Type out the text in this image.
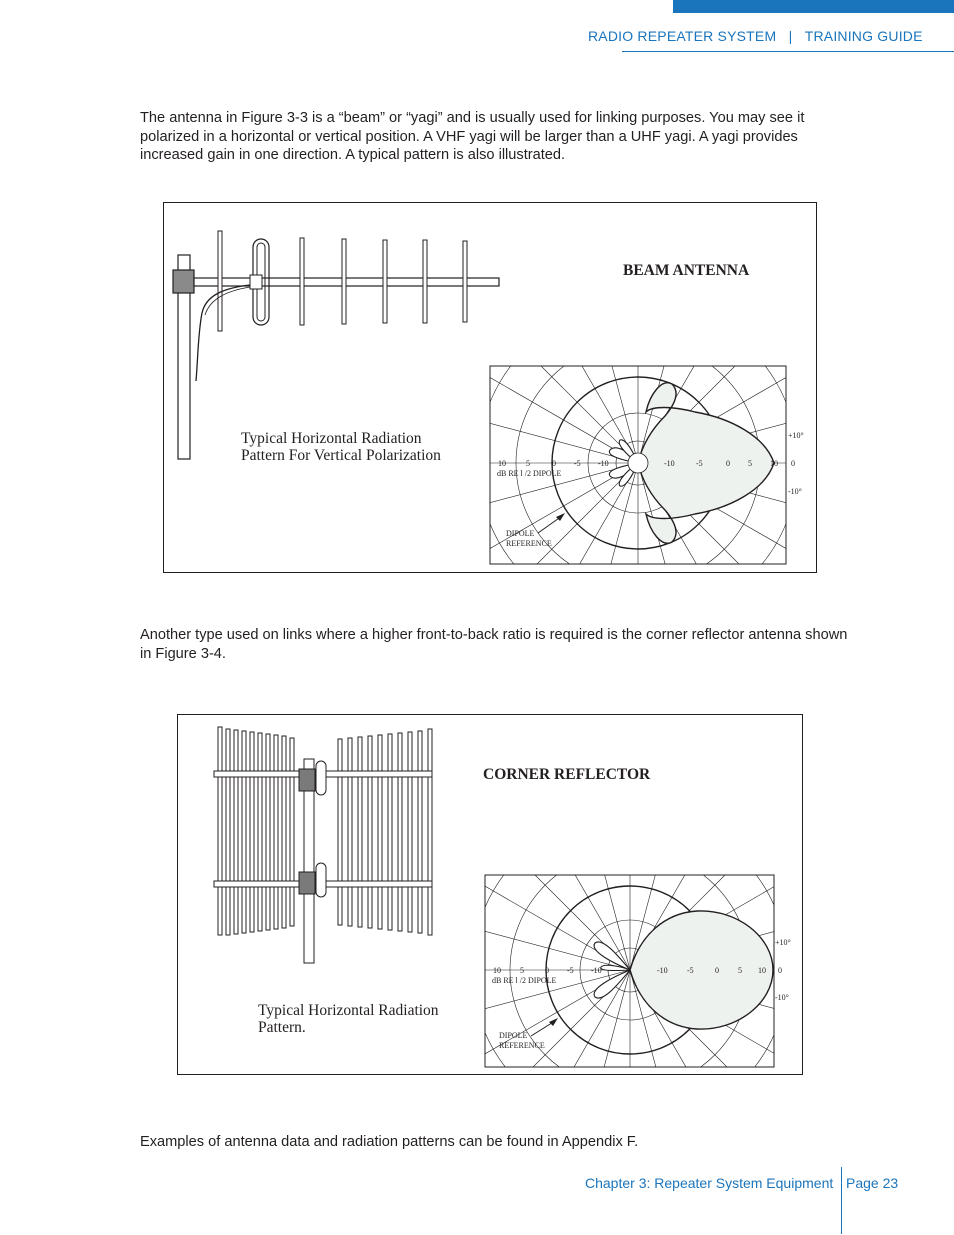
RADIO REPEATER SYSTEM | TRAINING GUIDE
The antenna in Figure 3-3 is a “beam” or “yagi” and is usually used for linking purposes. You may see it polarized in a horizontal or vertical position. A VHF yagi will be larger than a UHF yagi. A yagi provides increased gain in one direction. A typical pattern is also illustrated.
10	5	0 -5 -10	-10	-5	0 5 10
dB RE l /2 DIPOLE
DIPOLE
REFERENCE
+10°
0
-10°
BEAM ANTENNA
Typical Horizontal Radiation
Pattern For Vertical Polarization
Another type used on links where a higher front-to-back ratio is required is the corner reflector antenna shown in Figure 3-4.
10 5	0 -5 -10	-10 -5	0 5 10
dB RE l /2 DIPOLE
DIPOLE
REFERENCE
+10°
0
-10°
CORNER REFLECTOR
Typical Horizontal Radiation
Pattern.
Examples of antenna data and radiation patterns can be found in Appendix F.
Chapter 3: Repeater System Equipment Page 23
